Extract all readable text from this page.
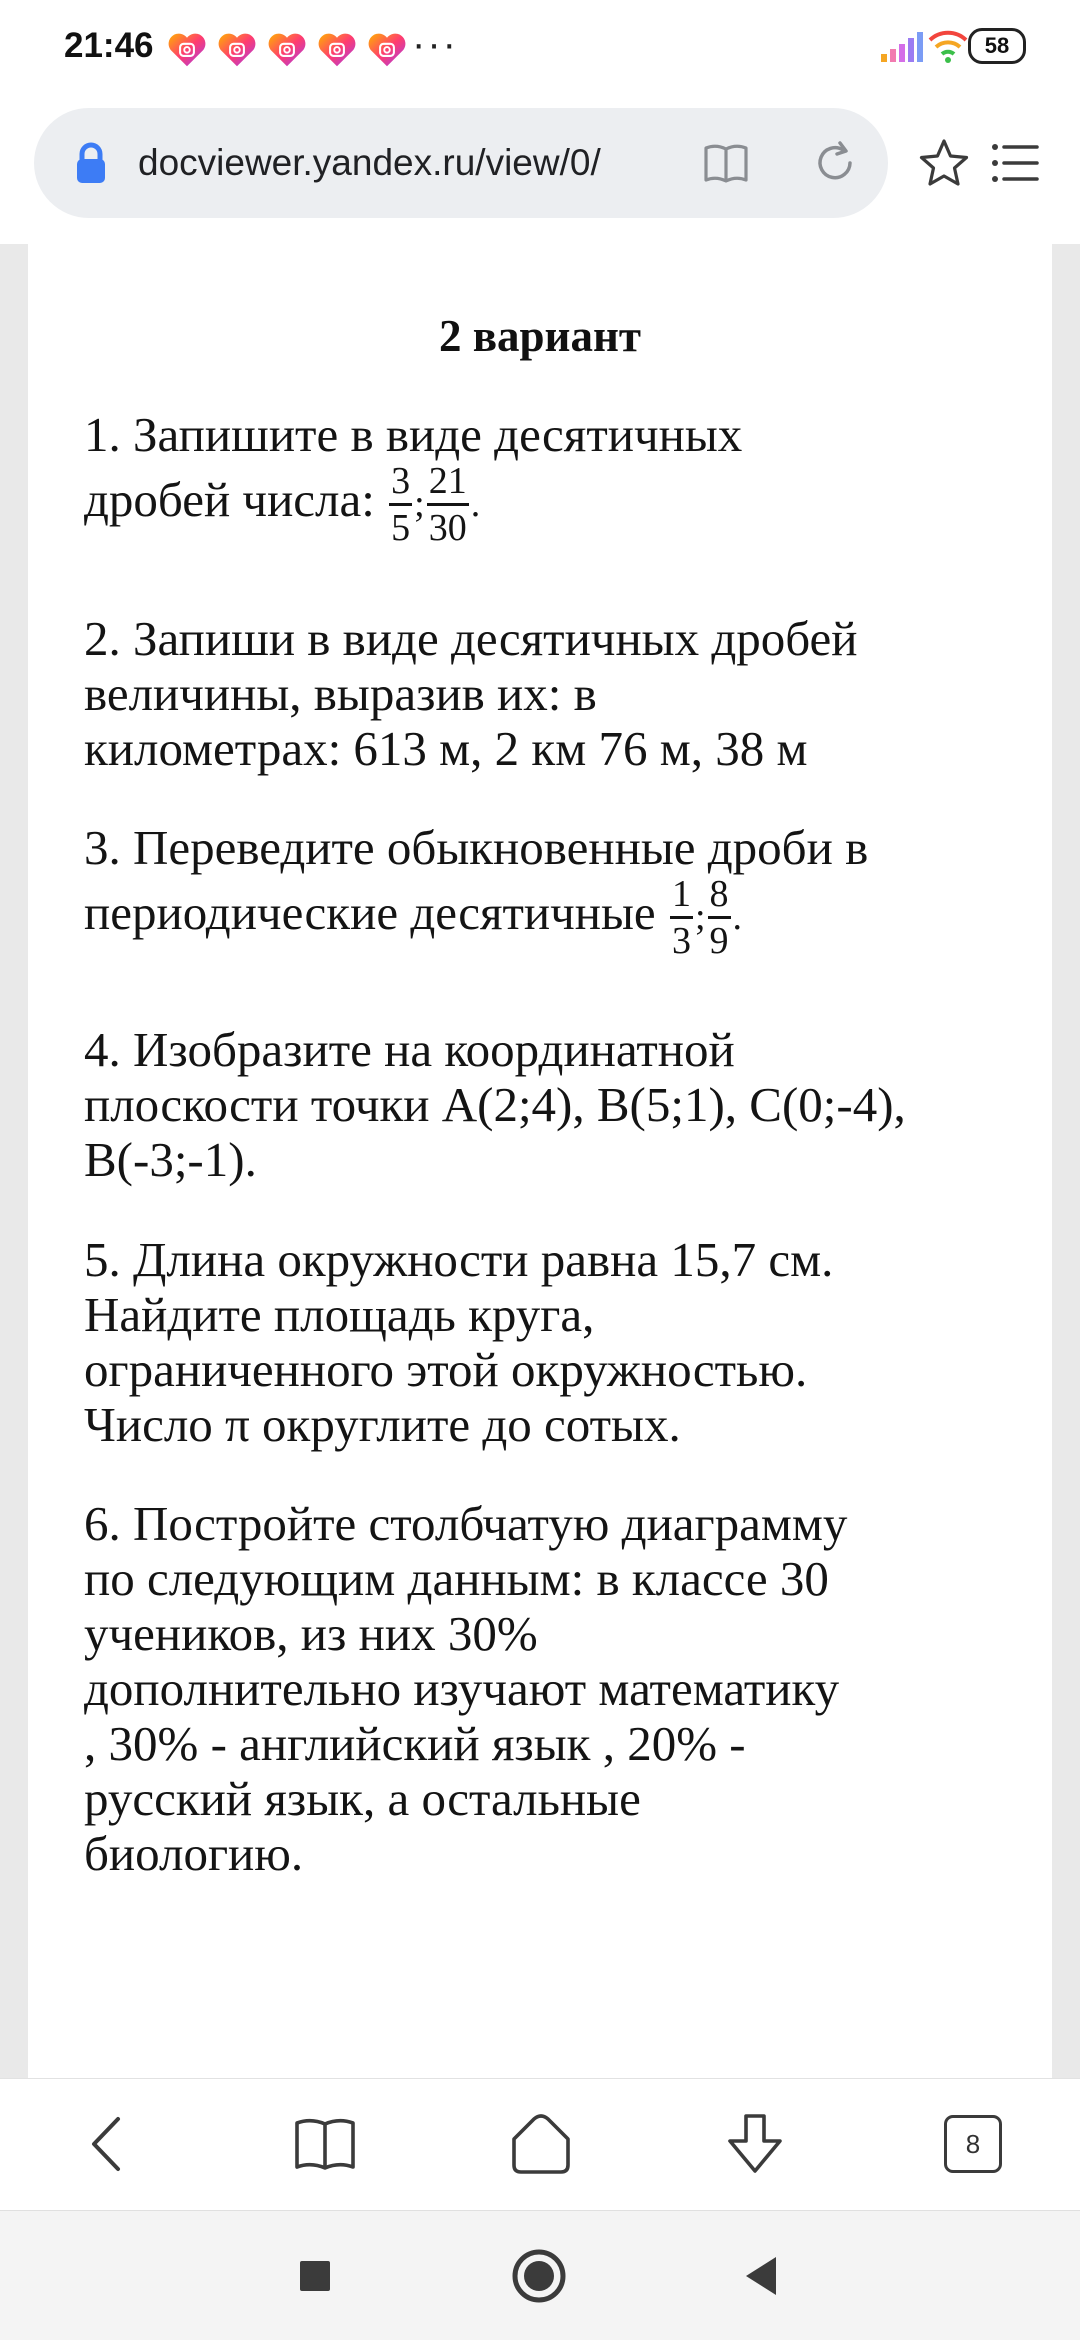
21:46	···	58
docviewer.yandex.ru/view/0/
2 вариант
1. Запишите в виде десятичных
дробей числа: $\frac{3}{5}$ ; $\frac{21}{30}$ .
2. Запиши в виде десятичных дробей
величины, выразив их: в
километрах: 613 м, 2 км 76 м, 38 м
3. Переведите обыкновенные дроби в
периодические десятичные $\frac{1}{3}$ ; $\frac{8}{9}$ .
4. Изобразите на координатной
плоскости точки А(2;4), В(5;1), С(0;-4),
В(-3;-1).
5. Длина окружности равна 15,7 см.
Найдите площадь круга,
ограниченного этой окружностью.
Число π округлите до сотых.
6. Постройте столбчатую диаграмму
по следующим данным: в классе 30
учеников, из них 30%
дополнительно изучают математику
, 30% - английский язык , 20% -
русский язык, а остальные
биологию.
8
